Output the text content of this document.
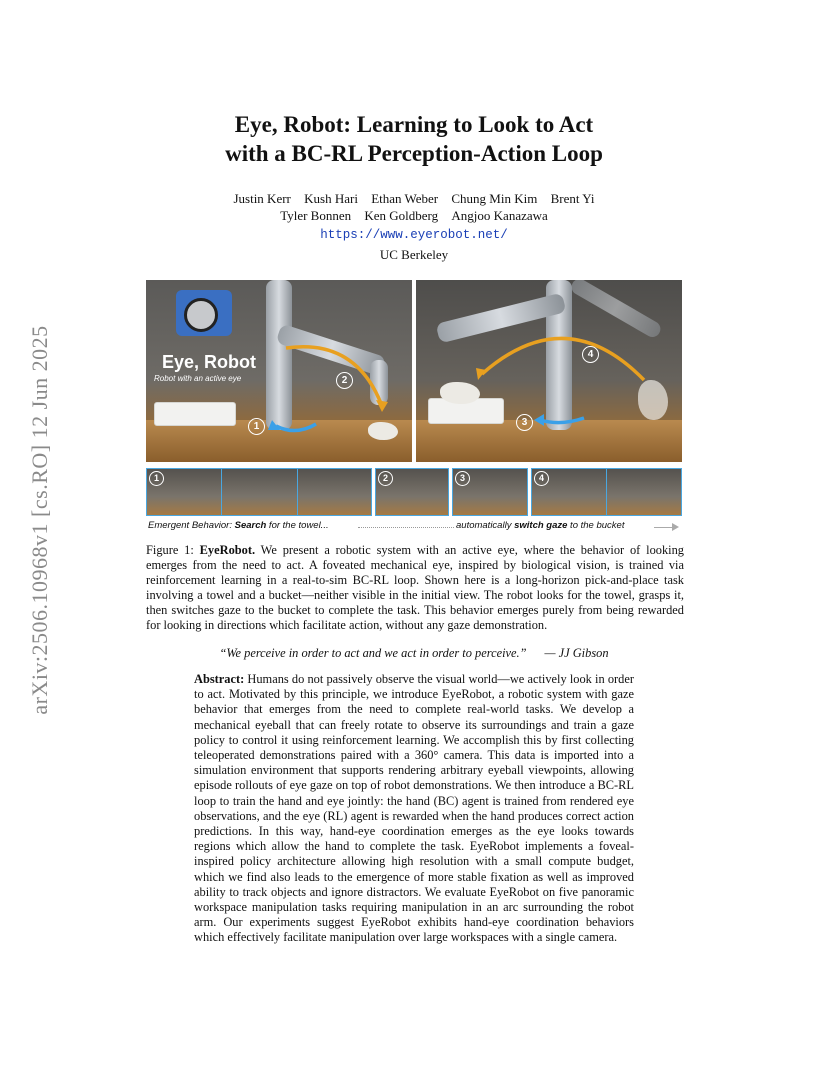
arXiv:2506.10968v1 [cs.RO] 12 Jun 2025
Eye, Robot: Learning to Look to Act
with a BC-RL Perception-Action Loop
Justin Kerr Kush Hari Ethan Weber Chung Min Kim Brent Yi
Tyler Bonnen Ken Goldberg Angjoo Kanazawa
https://www.eyerobot.net/
UC Berkeley
Eye, Robot
Robot with an active eye
1
2
3
4
1	2	3	4
Emergent Behavior: Search for the towel...	automatically switch gaze to the bucket
Figure 1: EyeRobot. We present a robotic system with an active eye, where the behavior of looking emerges from the need to act. A foveated mechanical eye, inspired by biological vision, is trained via reinforcement learning in a real-to-sim BC-RL loop. Shown here is a long-horizon pick-and-place task involving a towel and a bucket—neither visible in the initial view. The robot looks for the towel, grasps it, then switches gaze to the bucket to complete the task. This behavior emerges purely from being rewarded for looking in directions which facilitate action, without any gaze demonstration.
“We perceive in order to act and we act in order to perceive.” — JJ Gibson
Abstract: Humans do not passively observe the visual world—we actively look in order to act. Motivated by this principle, we introduce EyeRobot, a robotic system with gaze behavior that emerges from the need to complete real-world tasks. We develop a mechanical eyeball that can freely rotate to observe its surroundings and train a gaze policy to control it using reinforcement learning. We accomplish this by first collecting teleoperated demonstrations paired with a 360° camera. This data is imported into a simulation environment that supports rendering arbitrary eyeball viewpoints, allowing episode rollouts of eye gaze on top of robot demonstrations. We then introduce a BC-RL loop to train the hand and eye jointly: the hand (BC) agent is trained from rendered eye observations, and the eye (RL) agent is rewarded when the hand produces correct action predictions. In this way, hand-eye coordination emerges as the eye looks towards regions which allow the hand to complete the task. EyeRobot implements a foveal-inspired policy architecture allowing high resolution with a small compute budget, which we find also leads to the emergence of more stable fixation as well as improved ability to track objects and ignore distractors. We evaluate EyeRobot on five panoramic workspace manipulation tasks requiring manipulation in an arc surrounding the robot arm. Our experiments suggest EyeRobot exhibits hand-eye coordination behaviors which effectively facilitate manipulation over large workspaces with a single camera.
